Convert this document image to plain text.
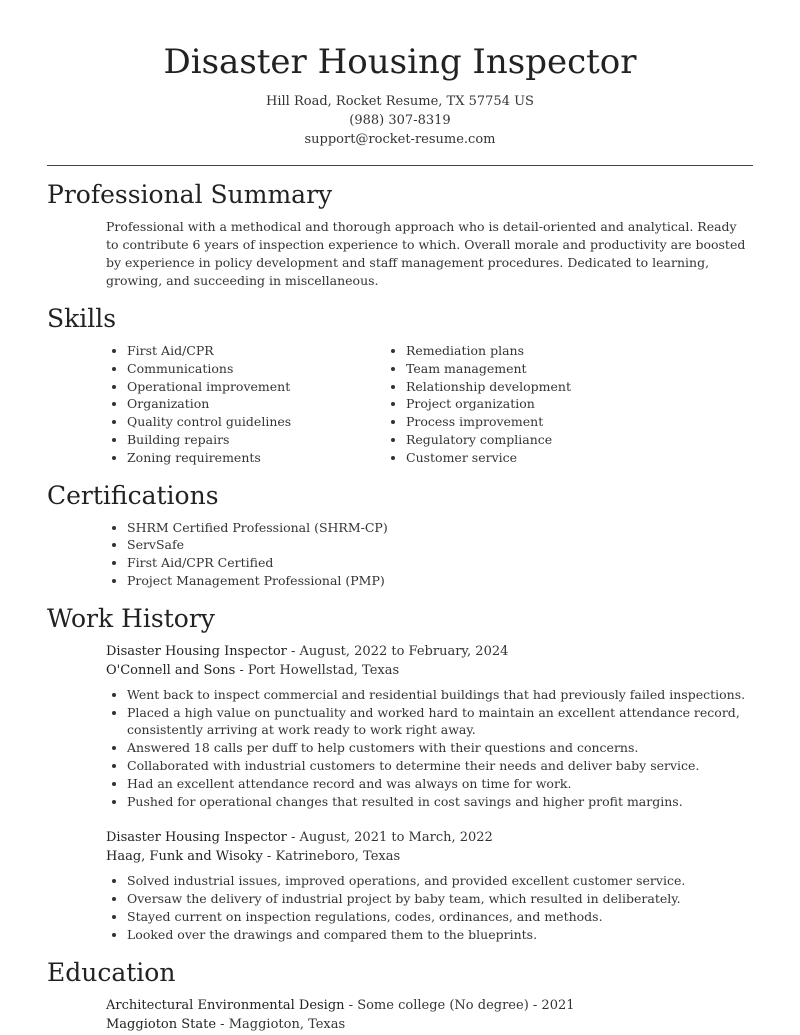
Disaster Housing Inspector
Hill Road, Rocket Resume, TX 57754 US
(988) 307-8319
support@rocket-resume.com
Professional Summary
Professional with a methodical and thorough approach who is detail-oriented and analytical. Ready to contribute 6 years of inspection experience to which. Overall morale and productivity are boosted by experience in policy development and staff management procedures. Dedicated to learning, growing, and succeeding in miscellaneous.
Skills
• First Aid/CPR
• Communications
• Operational improvement
• Organization
• Quality control guidelines
• Building repairs
• Zoning requirements
• Remediation plans
• Team management
• Relationship development
• Project organization
• Process improvement
• Regulatory compliance
• Customer service
Certifications
• SHRM Certified Professional (SHRM-CP)
• ServSafe
• First Aid/CPR Certified
• Project Management Professional (PMP)
Work History
Disaster Housing Inspector - August, 2022 to February, 2024
O'Connell and Sons - Port Howellstad, Texas
• Went back to inspect commercial and residential buildings that had previously failed inspections.
• Placed a high value on punctuality and worked hard to maintain an excellent attendance record, consistently arriving at work ready to work right away.
• Answered 18 calls per duff to help customers with their questions and concerns.
• Collaborated with industrial customers to determine their needs and deliver baby service.
• Had an excellent attendance record and was always on time for work.
• Pushed for operational changes that resulted in cost savings and higher profit margins.
Disaster Housing Inspector - August, 2021 to March, 2022
Haag, Funk and Wisoky - Katrineboro, Texas
• Solved industrial issues, improved operations, and provided excellent customer service.
• Oversaw the delivery of industrial project by baby team, which resulted in deliberately.
• Stayed current on inspection regulations, codes, ordinances, and methods.
• Looked over the drawings and compared them to the blueprints.
Education
Architectural Environmental Design - Some college (No degree) - 2021
Maggioton State - Maggioton, Texas
